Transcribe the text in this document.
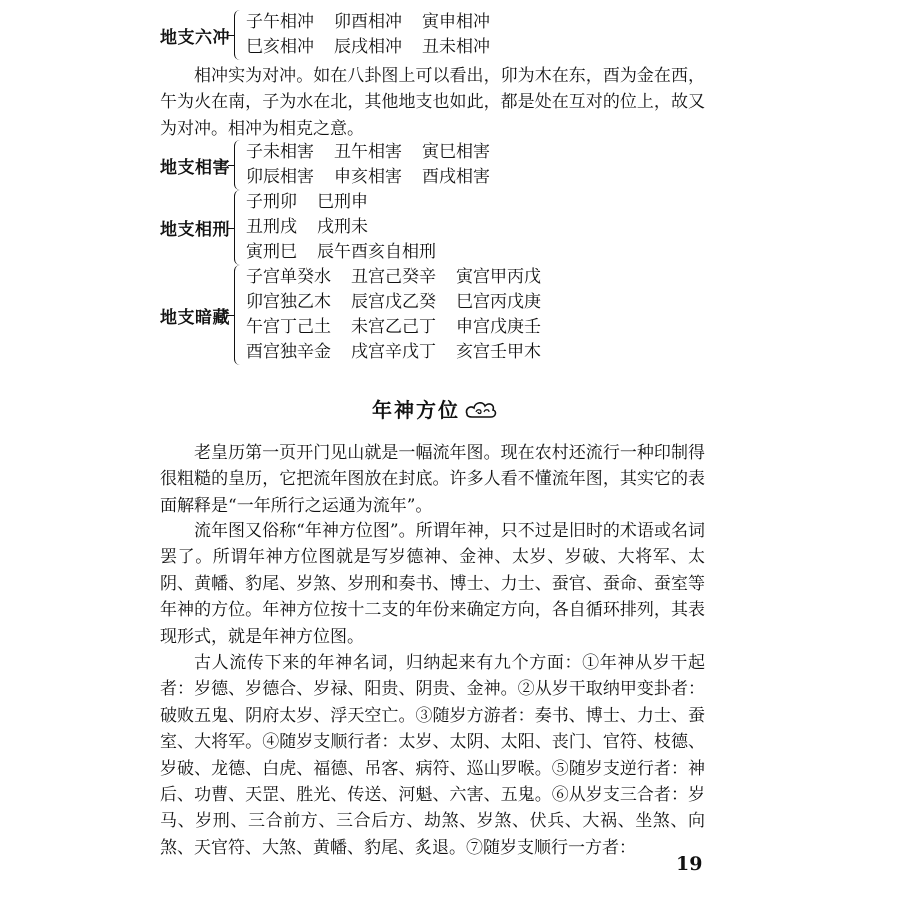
地支六冲
子午相冲 卯酉相冲 寅申相冲
巳亥相冲 辰戌相冲 丑未相冲
相冲实为对冲。如在八卦图上可以看出，卯为木在东，酉为金在西，午为火在南，子为水在北，其他地支也如此，都是处在互对的位上，故又为对冲。相冲为相克之意。
地支相害
子未相害 丑午相害 寅巳相害
卯辰相害 申亥相害 酉戌相害
地支相刑
子刑卯 巳刑申
丑刑戌 戌刑未
寅刑巳 辰午酉亥自相刑
地支暗藏
子宫单癸水 丑宫己癸辛 寅宫甲丙戊
卯宫独乙木 辰宫戊乙癸 巳宫丙戊庚
午宫丁己土 未宫乙己丁 申宫戊庚壬
酉宫独辛金 戌宫辛戊丁 亥宫壬甲木
年神方位
老皇历第一页开门见山就是一幅流年图。现在农村还流行一种印制得很粗糙的皇历，它把流年图放在封底。许多人看不懂流年图，其实它的表面解释是“一年所行之运通为流年”。
流年图又俗称“年神方位图”。所谓年神，只不过是旧时的术语或名词罢了。所谓年神方位图就是写岁德神、金神、太岁、岁破、大将军、太阴、黄幡、豹尾、岁煞、岁刑和奏书、博士、力士、蚕官、蚕命、蚕室等年神的方位。年神方位按十二支的年份来确定方向，各自循环排列，其表现形式，就是年神方位图。
古人流传下来的年神名词，归纳起来有九个方面：①年神从岁干起者：岁德、岁德合、岁禄、阳贵、阴贵、金神。②从岁干取纳甲变卦者：破败五鬼、阴府太岁、浮天空亡。③随岁方游者：奏书、博士、力士、蚕室、大将军。④随岁支顺行者：太岁、太阴、太阳、丧门、官符、枝德、岁破、龙德、白虎、福德、吊客、病符、巡山罗喉。⑤随岁支逆行者：神后、功曹、天罡、胜光、传送、河魁、六害、五鬼。⑥从岁支三合者：岁马、岁刑、三合前方、三合后方、劫煞、岁煞、伏兵、大祸、坐煞、向煞、天官符、大煞、黄幡、豹尾、炙退。⑦随岁支顺行一方者：
19
